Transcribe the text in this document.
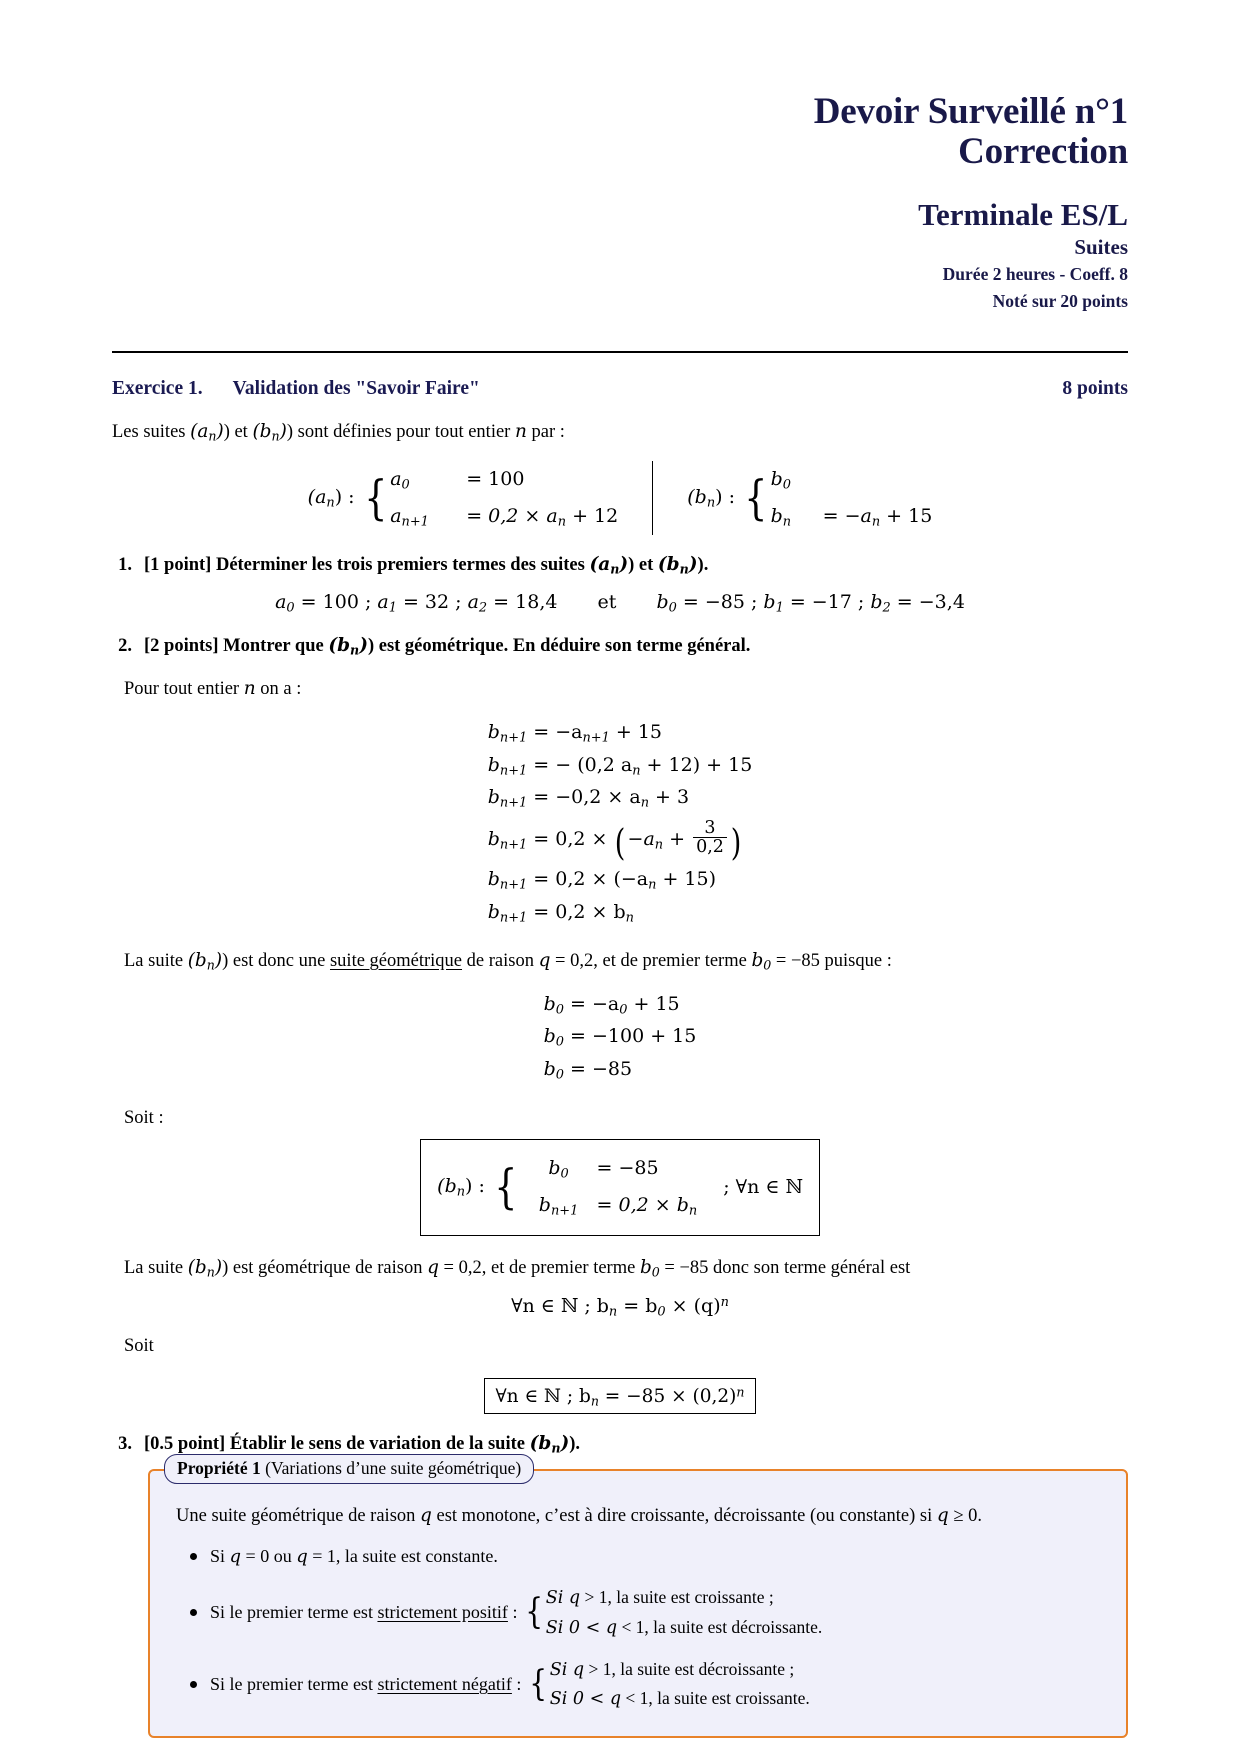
Devoir Surveillé n°1
Correction
Terminale ES/L
Suites
Durée 2 heures - Coeff. 8
Noté sur 20 points
Exercice 1. Validation des "Savoir Faire"	8 points
Les suites $(a_n)$) et $(b_n)$) sont définies pour tout entier n par :
$(a_n)$ : { $a_0$	= 100
$a_{n+1}$	= $0,2 \times a_n + 12$
$(b_n)$ : { $b_0$
$b_n$	= $-a_n + 15$
1. [1 point] Déterminer les trois premiers termes des suites $(a_n)$) et $(b_n)$).
$a_0 = 100$ ; $a_1 = 32$ ; $a_2 = 18,4$ et $b_0 = -85$ ; $b_1 = -17$ ; $b_2 = -3,4$
2. [2 points] Montrer que $(b_n)$) est géométrique. En déduire son terme général.
Pour tout entier n on a :
$b_{n+1} = -a_{n+1} + 15$
$b_{n+1}$ = − (0,2 $a_n + 12) + 15$
$b_{n+1} = -0,2 \times a_n + 3$
$b_{n+1} = 0,2 \times (-a_n + \frac{3}{0,2}$ )
$b_{n+1} = 0,2 \times (-a_n + 15)$
$b_{n+1} = 0,2 \times b_n$
La suite $(b_n)$) est donc une suite géométrique de raison q = 0,2, et de premier terme $b_0 = -85$ puisque :
$b_0 = -a_0 + 15$
$b_0 = -100 + 15$
$b_0 = -85$
Soit :
$(b_n)$ : {	$b_0$	= −85
$b_{n+1} = 0,2 \times b_n$
; ∀n ∈ ℕ
La suite $(b_n)$) est géométrique de raison q = 0,2, et de premier terme $b_0 = -85$ donc son terme général est
∀n ∈ ℕ ; $b_n = b_0 \times (q)^n$
Soit
∀n ∈ ℕ ; $b_n = -85 \times (0,2)^n$
3. [0.5 point] Établir le sens de variation de la suite $(b_n)$).
Propriété 1 (Variations d’une suite géométrique)
Une suite géométrique de raison q est monotone, c’est à dire croissante, décroissante (ou constante) si q ≥ 0.
Si q = 0 ou q = 1, la suite est constante.
Si le premier terme est strictement positif : { Si q > 1, la suite est croissante ;
Si 0 < q < 1, la suite est décroissante.
Si le premier terme est strictement négatif : { Si q > 1, la suite est décroissante ;
Si 0 < q < 1, la suite est croissante.
